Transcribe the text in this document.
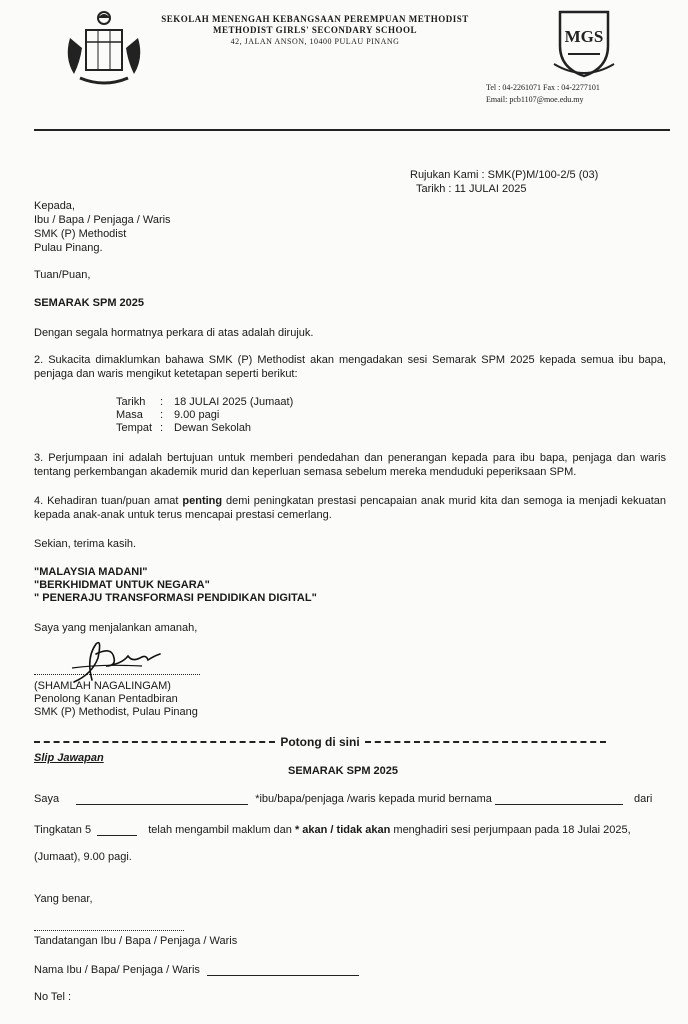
SEKOLAH MENENGAH KEBANGSAAN PEREMPUAN METHODIST
METHODIST GIRLS' SECONDARY SCHOOL
42, JALAN ANSON, 10400 PULAU PINANG	MGS
Tel : 04-2261071 Fax : 04-2277101
Email: pcb1107@moe.edu.my
Rujukan Kami : SMK(P)M/100-2/5 (03)
Tarikh : 11 JULAI 2025
Kepada,
Ibu / Bapa / Penjaga / Waris
SMK (P) Methodist
Pulau Pinang.
Tuan/Puan,
SEMARAK SPM 2025
Dengan segala hormatnya perkara di atas adalah dirujuk.
2. Sukacita dimaklumkan bahawa SMK (P) Methodist akan mengadakan sesi Semarak SPM 2025 kepada semua ibu bapa, penjaga dan waris mengikut ketetapan seperti berikut:
Tarikh	:	18 JULAI 2025 (Jumaat)
Masa	:	9.00 pagi
Tempat	:	Dewan Sekolah
3. Perjumpaan ini adalah bertujuan untuk memberi pendedahan dan penerangan kepada para ibu bapa, penjaga dan waris tentang perkembangan akademik murid dan keperluan semasa sebelum mereka menduduki peperiksaan SPM.
4. Kehadiran tuan/puan amat penting demi peningkatan prestasi pencapaian anak murid kita dan semoga ia menjadi kekuatan kepada anak-anak untuk terus mencapai prestasi cemerlang.
Sekian, terima kasih.
"MALAYSIA MADANI"
"BERKHIDMAT UNTUK NEGARA"
" PENERAJU TRANSFORMASI PENDIDIKAN DIGITAL"
Saya yang menjalankan amanah,
(SHAMLAH NAGALINGAM)
Penolong Kanan Pentadbiran
SMK (P) Methodist, Pulau Pinang
Potong di sini
Slip Jawapan
SEMARAK SPM 2025
Saya	*ibu/bapa/penjaga /waris kepada murid bernama	dari
Tingkatan 5	telah mengambil maklum dan * akan / tidak akan menghadiri sesi perjumpaan pada 18 Julai 2025,
(Jumaat), 9.00 pagi.
Yang benar,
Tandatangan Ibu / Bapa / Penjaga / Waris
Nama Ibu / Bapa/ Penjaga / Waris
No Tel :
